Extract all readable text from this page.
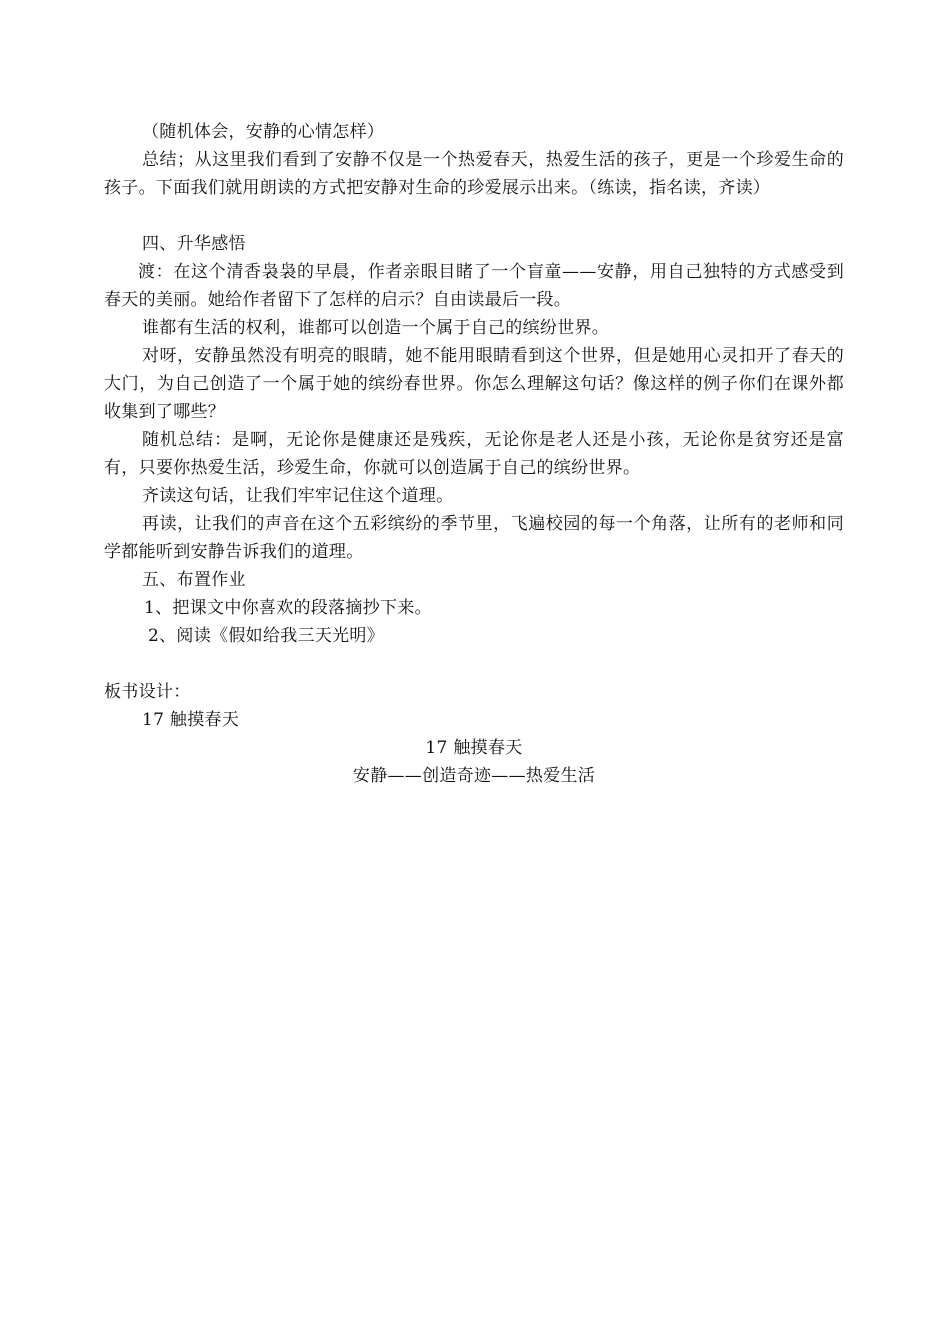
（随机体会，安静的心情怎样）

总结；从这里我们看到了安静不仅是一个热爱春天，热爱生活的孩子，更是一个珍爱生命的孩子。下面我们就用朗读的方式把安静对生命的珍爱展示出来。（练读，指名读，齐读）

四、升华感悟

渡：在这个清香袅袅的早晨，作者亲眼目睹了一个盲童——安静，用自己独特的方式感受到春天的美丽。她给作者留下了怎样的启示？自由读最后一段。

谁都有生活的权利，谁都可以创造一个属于自己的缤纷世界。

对呀，安静虽然没有明亮的眼睛，她不能用眼睛看到这个世界，但是她用心灵扣开了春天的大门，为自己创造了一个属于她的缤纷春世界。你怎么理解这句话？像这样的例子你们在课外都收集到了哪些？

随机总结：是啊，无论你是健康还是残疾，无论你是老人还是小孩，无论你是贫穷还是富有，只要你热爱生活，珍爱生命，你就可以创造属于自己的缤纷世界。

齐读这句话，让我们牢牢记住这个道理。

再读，让我们的声音在这个五彩缤纷的季节里，飞遍校园的每一个角落，让所有的老师和同学都能听到安静告诉我们的道理。

五、布置作业

1、把课文中你喜欢的段落摘抄下来。

2、阅读《假如给我三天光明》

板书设计：

17 触摸春天

17 触摸春天

安静——创造奇迹——热爱生活
